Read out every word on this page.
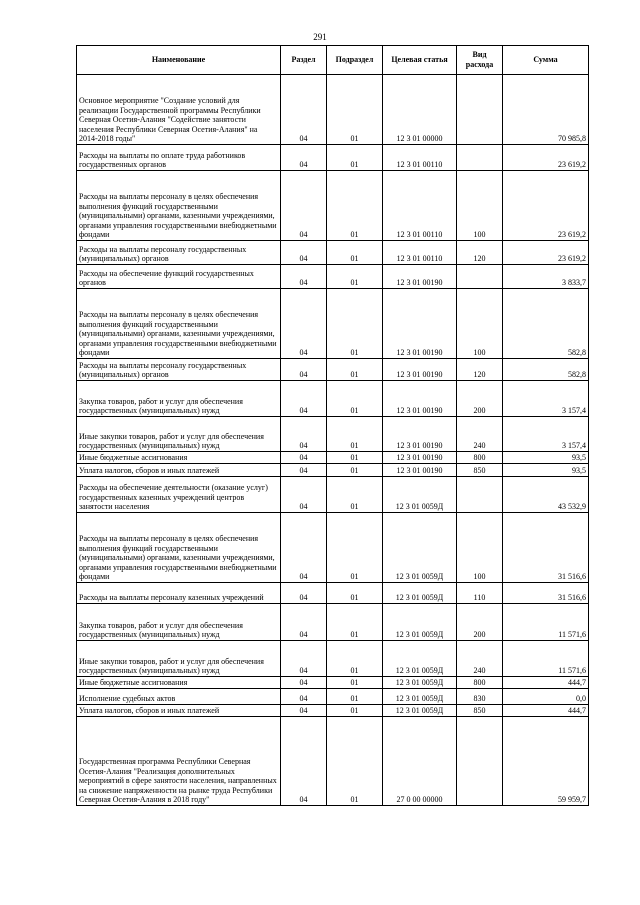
291
Наименование	Раздел	Подраздел	Целевая статья	Вид расхода	Сумма
Основное мероприятие "Создание условий для реализации Государственной программы Республики Северная Осетия-Алания "Содействие занятости населения Республики Северная Осетия-Алания" на 2014-2018 годы"	04	01	12 3 01 00000		70 985,8
Расходы на выплаты по оплате труда работников государственных органов	04	01	12 3 01 00110		23 619,2
Расходы на выплаты персоналу в целях обеспечения выполнения функций государственными (муниципальными) органами, казенными учреждениями, органами управления государственными внебюджетными фондами	04	01	12 3 01 00110	100	23 619,2
Расходы на выплаты персоналу государственных (муниципальных) органов	04	01	12 3 01 00110	120	23 619,2
Расходы на обеспечение функций государственных органов	04	01	12 3 01 00190		3 833,7
Расходы на выплаты персоналу в целях обеспечения выполнения функций государственными (муниципальными) органами, казенными учреждениями, органами управления государственными внебюджетными фондами	04	01	12 3 01 00190	100	582,8
Расходы на выплаты персоналу государственных (муниципальных) органов	04	01	12 3 01 00190	120	582,8
Закупка товаров, работ и услуг для обеспечения государственных (муниципальных) нужд	04	01	12 3 01 00190	200	3 157,4
Иные закупки товаров, работ и услуг для обеспечения государственных (муниципальных) нужд	04	01	12 3 01 00190	240	3 157,4
Иные бюджетные ассигнования	04	01	12 3 01 00190	800	93,5
Уплата налогов, сборов и иных платежей	04	01	12 3 01 00190	850	93,5
Расходы на обеспечение деятельности (оказание услуг) государственных казенных учреждений центров занятости населения	04	01	12 3 01 0059Д		43 532,9
Расходы на выплаты персоналу в целях обеспечения выполнения функций государственными (муниципальными) органами, казенными учреждениями, органами управления государственными внебюджетными фондами	04	01	12 3 01 0059Д	100	31 516,6
Расходы на выплаты персоналу казенных учреждений	04	01	12 3 01 0059Д	110	31 516,6
Закупка товаров, работ и услуг для обеспечения государственных (муниципальных) нужд	04	01	12 3 01 0059Д	200	11 571,6
Иные закупки товаров, работ и услуг для обеспечения государственных (муниципальных) нужд	04	01	12 3 01 0059Д	240	11 571,6
Иные бюджетные ассигнования	04	01	12 3 01 0059Д	800	444,7
Исполнение судебных актов	04	01	12 3 01 0059Д	830	0,0
Уплата налогов, сборов и иных платежей	04	01	12 3 01 0059Д	850	444,7
Государственная программа Республики Северная Осетия-Алания "Реализация дополнительных мероприятий в сфере занятости населения, направленных на снижение напряженности на рынке труда Республики Северная Осетия-Алания в 2018 году"	04	01	27 0 00 00000		59 959,7
